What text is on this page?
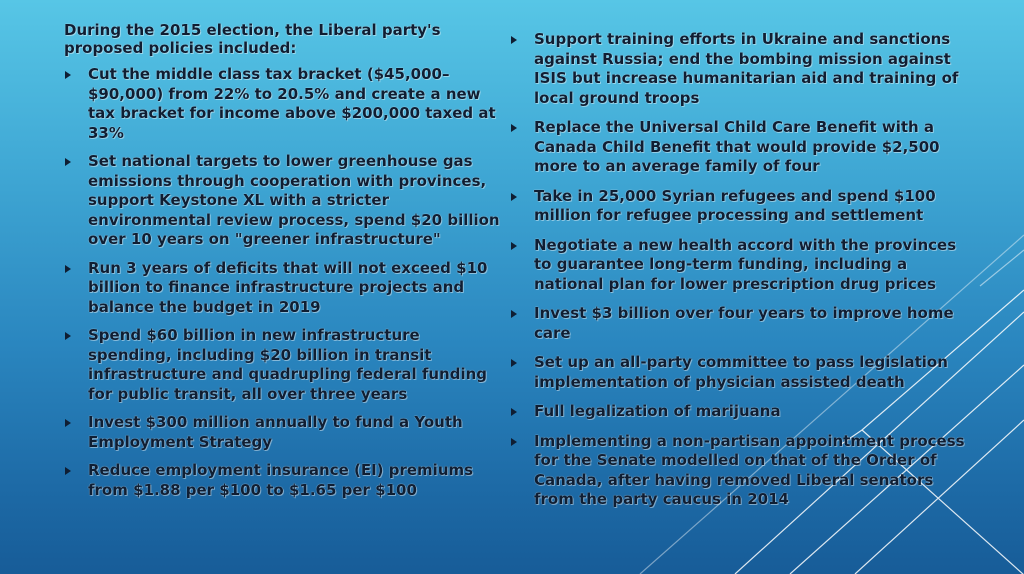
During the 2015 election, the Liberal party's proposed policies included:

Cut the middle class tax bracket ($45,000–$90,000) from 22% to 20.5% and create a new tax bracket for income above $200,000 taxed at 33%
Set national targets to lower greenhouse gas emissions through cooperation with provinces, support Keystone XL with a stricter environmental review process, spend $20 billion over 10 years on "greener infrastructure"
Run 3 years of deficits that will not exceed $10 billion to finance infrastructure projects and balance the budget in 2019
Spend $60 billion in new infrastructure spending, including $20 billion in transit infrastructure and quadrupling federal funding for public transit, all over three years
Invest $300 million annually to fund a Youth Employment Strategy
Reduce employment insurance (EI) premiums from $1.88 per $100 to $1.65 per $100
Support training efforts in Ukraine and sanctions against Russia; end the bombing mission against ISIS but increase humanitarian aid and training of local ground troops
Replace the Universal Child Care Benefit with a Canada Child Benefit that would provide $2,500 more to an average family of four
Take in 25,000 Syrian refugees and spend $100 million for refugee processing and settlement
Negotiate a new health accord with the provinces to guarantee long-term funding, including a national plan for lower prescription drug prices
Invest $3 billion over four years to improve home care
Set up an all-party committee to pass legislation implementation of physician assisted death
Full legalization of marijuana
Implementing a non-partisan appointment process for the Senate modelled on that of the Order of Canada, after having removed Liberal senators from the party caucus in 2014
